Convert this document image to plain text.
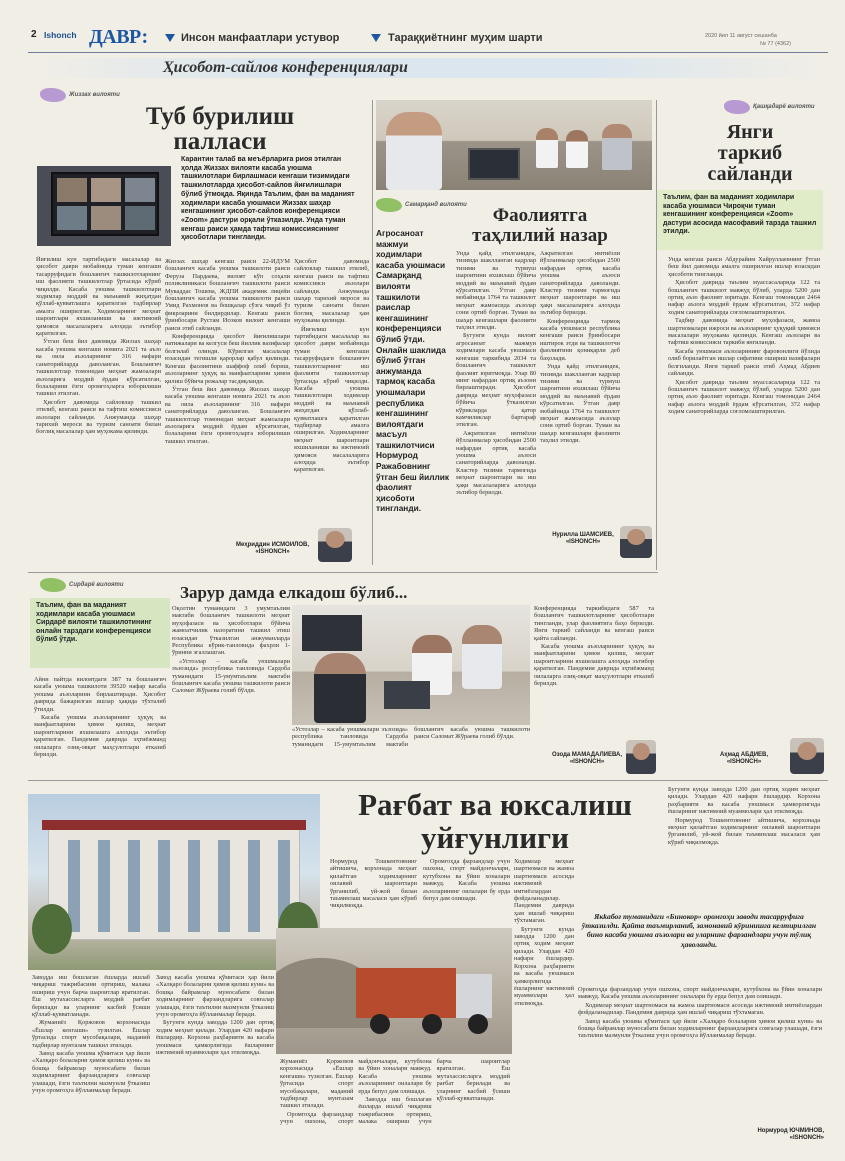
2 Ishonch ДАВР:	Инсон манфаатлари устувор	Тараққиётнинг муҳим шарти	2020 йил 11 август сешанба
№ 77 (4362)
Ҳисобот-сайлов конференциялари
Жиззах вилояти
Туб бурилиш
палласи
Карантин талаб ва меъёрларига риоя этилган ҳолда Жиззах вилояти касаба уюшма ташкилотлари бирлашмаси кенгаши тизимидаги ташкилотларда ҳисобот-сайлов йиғилишлари бўлиб ўтмоқда. Яқинда Таълим, фан ва маданият ходимлари касаба уюшмаси Жиззах шаҳар кенгашининг ҳисобот-сайлов конференцияси «Zoom» дастури орқали ўтказилди. Унда туман кенгаш раиси ҳамда тафтиш комиссиясининг ҳисоботлари тингланди.

Йиғилиш кун тартибидаги масалалар ва ҳисобот даври мобайнида туман кенгаши тасарруфидаги бошланғич ташкилотларнинг иш фаолияти ташкилотлар ўртасида кўриб чиқилди. Касаба уюшма ташкилотлари ходимлар моддий ва маънавий жиҳатдан қўллаб-қувватлашга қаратилган тадбирлар амалга оширилган. Ходимларнинг меҳнат шароитлари яхшиланиши ва ижтимоий ҳимояси масалаларига алоҳида эътибор қаратилган.

Ўтган беш йил давомида Жиззах шаҳар касаба уюшма кенгаши номига 2021 та аъзо ва оила аъзоларининг 316 нафари санаторийларда даволанган. Бошланғич ташкилотлар томонидан меҳнат жамоалари аъзоларига моддий ёрдам кўрсатилган, болаларини ёзги оромгоҳларга юборилиши ташкил этилган.

Ҳисобот давомида сайловлар ташкил этилиб, кенгаш раиси ва тафтиш комиссияси аъзолари сайланди. Анжуманда шаҳар тарихий мероси ва туризм саноати билан боғлиқ масалалар ҳам муҳокама қилинди.

Жиззах шаҳар кенгаш раиси 22-ИДУМ бошланғич касаба уюшма ташкилоти раиси Феруза Пардаева, вилоят кўп соҳали поликлиникаси бошланғич ташкилоти раиси Мукаддас Тошева, ЖДПИ академик лицейи бошланғич касаба уюшма ташкилоти раиси Умид Рахмонов ва бошқалар сўзга чиқиб ўз фикрларини билдирдилар. Кенгаш раиси ўринбосари Рустам Исоков вилоят кенгаши раиси этиб сайланди.

Конференцияда ҳисобот йиғилишлари натижалари ва келгуси беш йиллик вазифалар белгилаб олинди. Кўрилган масалалар юзасидан тегишли қарорлар қабул қилинди. Кенгаш фаолиятини шаффоф олиб бориш, аъзоларнинг ҳуқуқ ва манфаатларини ҳимоя қилиш бўйича режалар тасдиқланди.

Ўтган беш йил давомида Жиззах шаҳар касаба уюшма кенгаши номига 2021 та аъзо ва оила аъзоларининг 316 нафари санаторийларда даволанган. Бошланғич ташкилотлар томонидан меҳнат жамоалари аъзоларига моддий ёрдам кўрсатилган, болаларини ёзги оромгоҳларга юборилиши ташкил этилган.

Ҳисобот давомида сайловлар ташкил этилиб, кенгаш раиси ва тафтиш комиссияси аъзолари сайланди. Анжуманда шаҳар тарихий мероси ва туризм саноати билан боғлиқ масалалар ҳам муҳокама қилинди.

Йиғилиш кун тартибидаги масалалар ва ҳисобот даври мобайнида туман кенгаши тасарруфидаги бошланғич ташкилотларнинг иш фаолияти ташкилотлар ўртасида кўриб чиқилди. Касаба уюшма ташкилотлари ходимлар моддий ва маънавий жиҳатдан қўллаб-қувватлашга қаратилган тадбирлар амалга оширилган. Ходимларнинг меҳнат шароитлари яхшиланиши ва ижтимоий ҳимояси масалаларига алоҳида эътибор қаратилган.

Меҳриддин ИСМОИЛОВ,
«ISHONCH»
Самарқанд вилояти
Агросаноат мажмуи ходимлари касаба уюшмаси Самарқанд вилояти ташкилоти раислар кенгашининг конференцияси бўлиб ўтди. Онлайн шаклида бўлиб ўтган анжуманда тармоқ касаба уюшмалари республика кенгашининг вилоятдаги масъул ташкилотчиси Нормурод Ражабовнинг ўтган беш йиллик фаолият ҳисоботи тингланди.
Фаолиятга
таҳлилий назар

Унда қайд этилганидек, тизимда шаклланган кадрлар тизими ва турмуш шароитини яхшилаш бўйича моддий ва маънавий ёрдам кўрсатилган. Ўтган давр мобайнида 1764 та ташкилот меҳнат жамоасида аъзолар сони ортиб борган. Туман ва шаҳар кенгашлари фаолияти таҳлил этилди.

Бугунги кунда вилоят агросаноат мажмуи ходимлари касаба уюшмаси кенгаши таркибида 2034 та бошланғич ташкилот фаолият юритмоқда. Улар 80 минг нафардан ортиқ аъзони бирлаштиради. Ҳисобот даврида меҳнат муҳофазаси бўйича ўтказилган кўрикларда қатор камчиликлар бартараф этилган.

Ажратилган имтиёзли йўлланмалар ҳисобидан 2500 нафардан ортиқ касаба уюшма аъзоси санаторийларда даволанди. Кластер тизими тармоғида меҳнат шароитлари ва иш ҳақи масалаларига алоҳида эътибор берилди.

Ажратилган имтиёзли йўлланмалар ҳисобидан 2500 нафардан ортиқ касаба уюшма аъзоси санаторийларда даволанди. Кластер тизими тармоғида меҳнат шароитлари ва иш ҳақи масалаларига алоҳида эътибор берилди.

Конференцияда тармоқ касаба уюшмаси республика кенгаши раиси ўринбосари иштирок этди ва ташкилотчи фаолиятини қониқарли деб баҳолади.

Унда қайд этилганидек, тизимда шаклланган кадрлар тизими ва турмуш шароитини яхшилаш бўйича моддий ва маънавий ёрдам кўрсатилган. Ўтган давр мобайнида 1764 та ташкилот меҳнат жамоасида аъзолар сони ортиб борган. Туман ва шаҳар кенгашлари фаолияти таҳлил этилди.

Нуриллa ШАМСИЕВ,
«ISHONCH»
Қашқадарё вилояти
Янги
таркиб
сайланди
Таълим, фан ва маданият ходимлари касаба уюшмаси Чироқчи туман кенгашининг конференцияси «Zoom» дастури асосида масофавий тарзда ташкил этилди.

Унда кенгаш раиси Абдурайим Хайруллаевнинг ўтган беш йил давомида амалга оширилган ишлар юзасидан ҳисоботи тингланди.

Ҳисобот даврида таълим муассасаларида 122 та бошланғич ташкилот мавжуд бўлиб, уларда 5200 дан ортиқ аъзо фаолият юритади. Кенгаш томонидан 2464 нафар аъзога моддий ёрдам кўрсатилган, 372 нафар ходим санаторийларда соғломлаштирилган.

Тадбир давомида меҳнат муҳофазаси, жамоа шартномалари ижроси ва аъзоларнинг ҳуқуқий ҳимояси масалалари муҳокама қилинди. Кенгаш аъзолари ва тафтиш комиссияси таркиби янгиланди.

Касаба уюшмаси аъзоларининг фаровонлиги йўлида олиб борилаётган ишлар сифатини ошириш вазифалари белгиланди. Янги таркиб раиси этиб Аҳмад Абдиев сайланди.

Ҳисобот даврида таълим муассасаларида 122 та бошланғич ташкилот мавжуд бўлиб, уларда 5200 дан ортиқ аъзо фаолият юритади. Кенгаш томонидан 2464 нафар аъзога моддий ёрдам кўрсатилган, 372 нафар ходим санаторийларда соғломлаштирилган.

Сирдарё вилояти	Зарур дамда елкадош бўлиб...
Таълим, фан ва маданият ходимлари касаба уюшмаси Сирдарё вилояти ташкилотининг онлайн тарздаги конференцияси бўлиб ўтди.

Айни пайтда вилоятдаги 387 та бошланғич касаба уюшма ташкилоти 39520 нафар касаба уюшма аъзоларини бирлаштиради. Ҳисобот даврида бажарилган ишлар ҳақида тўхталиб ўтилди.

Касаба уюшма аъзоларининг ҳуқуқ ва манфаатларини ҳимоя қилиш, меҳнат шароитларини яхшилашга алоҳида эътибор қаратилган. Пандемия даврида эҳтиёжманд оилаларга озиқ-овқат маҳсулотлари етказиб берилди.

Оқолтин туманидаги 3 умумтаълим мактаби бошланғич ташкилоти меҳнат муҳофазаси ва ҳисоботлари бўйича жамоатчилик назоратини ташкил этиш юзасидан ўтказилган анжуманларда Республика кўрик-танловида фахрли 1-ўринни эгаллашган.

«Устозлар – касаба уюшмалари эъзозида» республика танловида Сардоба туманидаги 15-умумтаълим мактаби бошланғич касаба уюшма ташкилоти раиси Саломат Жўраева голиб бўлди.

«Устозлар – касаба уюшмалари эъзозида» республика танловида Сардоба туманидаги 15-умумтаълим мактаби бошланғич касаба уюшма ташкилоти раиси Саломат Жўраева голиб бўлди.

Конференцияда таркибидаги 587 та бошланғич ташкилотларнинг ҳисоботлари тингланди, улар фаолиятига баҳо берилди. Янги таркиб сайланди ва кенгаш раиси қайта сайланди.

Касаба уюшма аъзоларининг ҳуқуқ ва манфаатларини ҳимоя қилиш, меҳнат шароитларини яхшилашга алоҳида эътибор қаратилган. Пандемия даврида эҳтиёжманд оилаларга озиқ-овқат маҳсулотлари етказиб берилди.

Озода МАМАДАЛИЕВА,
«ISHONCH»
Аҳмад АБДИЕВ,
«ISHONCH»
Рағбат ва юксалиш
уйғунлиги

Заводда иш бошлаган ёшларда ишлаб чиқариш тажрибасини ортириш, малака ошириш учун барча шароитлар яратилган. Ёш мутахассисларга моддий рағбат берилади ва уларнинг касбий ўсиши қўллаб-қувватланади.

Жуманиёз Қоржовов корхонасида «Ёшлар кенгаши» тузилган. Ёшлар ўртасида спорт мусобақалари, маданий тадбирлар мунтазам ташкил этилади.

Завод касаба уюшма қўмитаси ҳар йили «Халқаро болаларни ҳимоя қилиш куни» ва бошқа байрамлар муносабати билан ходимларнинг фарзандларига совғалар улашади, ёзги таътилни мазмунли ўтказиш учун оромгоҳга йўлланмалар беради.

Завод касаба уюшма қўмитаси ҳар йили «Халқаро болаларни ҳимоя қилиш куни» ва бошқа байрамлар муносабати билан ходимларнинг фарзандларига совғалар улашади, ёзги таътилни мазмунли ўтказиш учун оромгоҳга йўлланмалар беради.

Бугунги кунда заводда 1200 дан ортиқ ходим меҳнат қилади. Улардан 420 нафари ёшлардир. Корхона раҳбарияти ва касаба уюшмаси ҳамкорлигида ёшларнинг ижтимоий муаммолари ҳал этилмоқда.

Нормурод Тошкентовнинг айтишича, корхонада меҳнат қилаётган ходимларнинг оилавий шароитлари ўрганилиб, уй-жой билан таъминлаш масаласи ҳам кўриб чиқилмоқда.

Оромгоҳда фарзандлар учун ошхона, спорт майдончалари, кутубхона ва ўйин хоналари мавжуд. Касаба уюшма аъзоларининг оилалари бу ерда бепул дам олишади.

Ходимлар меҳнат шартномаси ва жамоа шартномаси асосида ижтимоий имтиёзлардан фойдаланадилар. Пандемия даврида ҳам ишлаб чиқариш тўхтамаган.

Бугунги кунда заводда 1200 дан ортиқ ходим меҳнат қилади. Улардан 420 нафари ёшлардир. Корхона раҳбарияти ва касаба уюшмаси ҳамкорлигида ёшларнинг ижтимоий муаммолари ҳал этилмоқда.

Жуманиёз Қоржовов корхонасида «Ёшлар кенгаши» тузилган. Ёшлар ўртасида спорт мусобақалари, маданий тадбирлар мунтазам ташкил этилади.

Оромгоҳда фарзандлар учун ошхона, спорт майдончалари, кутубхона ва ўйин хоналари мавжуд. Касаба уюшма аъзоларининг оилалари бу ерда бепул дам олишади.

Заводда иш бошлаган ёшларда ишлаб чиқариш тажрибасини ортириш, малака ошириш учун барча шароитлар яратилган. Ёш мутахассисларга моддий рағбат берилади ва уларнинг касбий ўсиши қўллаб-қувватланади.

Бугунги кунда заводда 1200 дан ортиқ ходим меҳнат қилади. Улардан 420 нафари ёшлардир. Корхона раҳбарияти ва касаба уюшмаси ҳамкорлигида ёшларнинг ижтимоий муаммолари ҳал этилмоқда.

Нормурод Тошкентовнинг айтишича, корхонада меҳнат қилаётган ходимларнинг оилавий шароитлари ўрганилиб, уй-жой билан таъминлаш масаласи ҳам кўриб чиқилмоқда.

Якkaбоғ туманидаги «Бинокор» оромгоҳи заводи тасарруфига ўтказилди. Қайта таъмирланиб, замонавий кўринишга келтирилган бино касаба уюшма аъзолари ва уларнинг фарзандлари учун тўлиқ ҳаволанди.

Оромгоҳда фарзандлар учун ошхона, спорт майдончалари, кутубхона ва ўйин хоналари мавжуд. Касаба уюшма аъзоларининг оилалари бу ерда бепул дам олишади.

Ходимлар меҳнат шартномаси ва жамоа шартномаси асосида ижтимоий имтиёзлардан фойдаланадилар. Пандемия даврида ҳам ишлаб чиқариш тўхтамаган.

Завод касаба уюшма қўмитаси ҳар йили «Халқаро болаларни ҳимоя қилиш куни» ва бошқа байрамлар муносабати билан ходимларнинг фарзандларига совғалар улашади, ёзги таътилни мазмунли ўтказиш учун оромгоҳга йўлланмалар беради.

Нормурод ЮЧМИНОВ,
«ISHONCH»
